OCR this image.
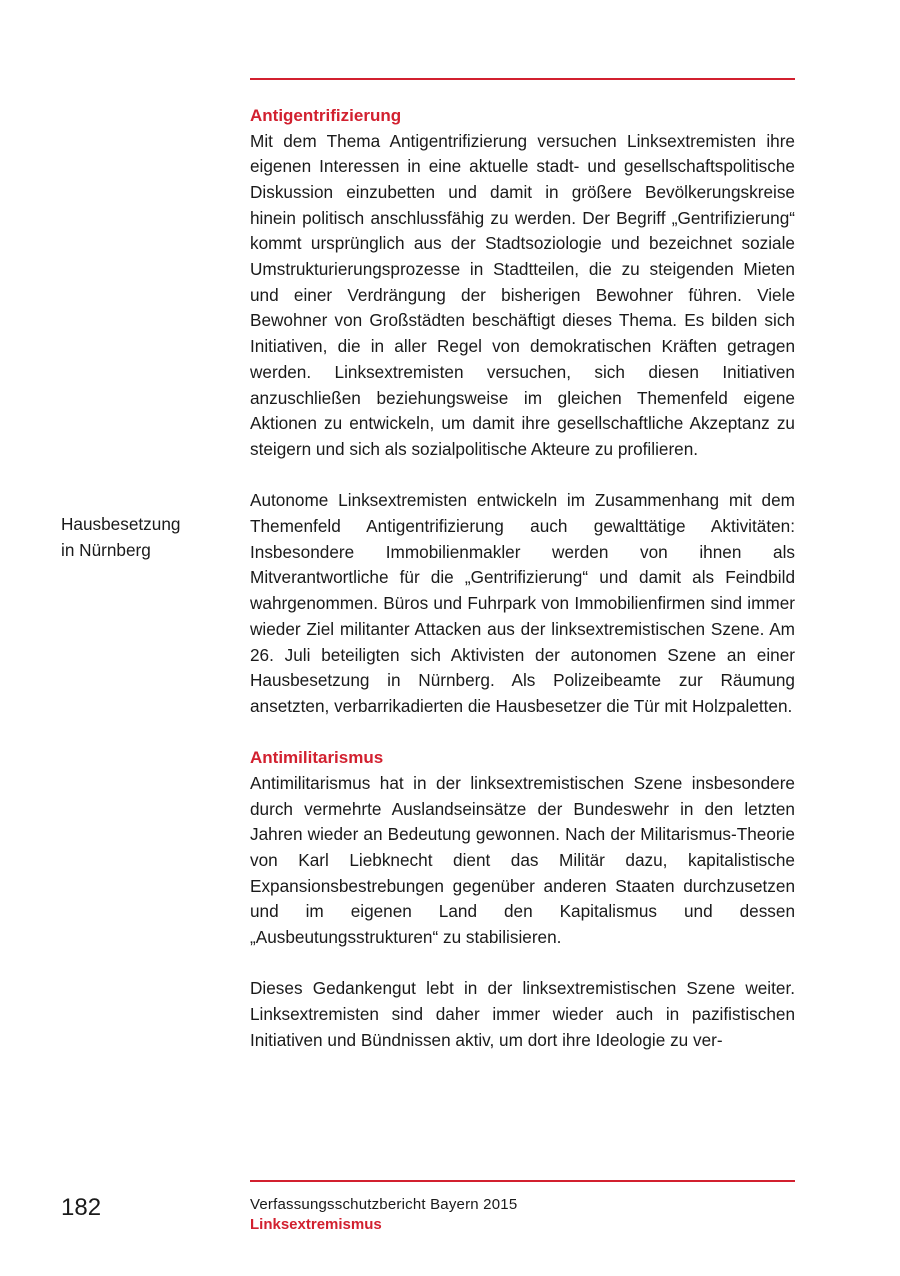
Antigentrifizierung

Mit dem Thema Antigentrifizierung versuchen Linksextremisten ihre eigenen Interessen in eine aktuelle stadt- und gesellschaftspolitische Diskussion einzubetten und damit in größere Bevölkerungskreise hinein politisch anschlussfähig zu werden. Der Begriff „Gentrifizierung“ kommt ursprünglich aus der Stadtsoziologie und bezeichnet soziale Umstrukturierungsprozesse in Stadtteilen, die zu steigenden Mieten und einer Verdrängung der bisherigen Bewohner führen. Viele Bewohner von Großstädten beschäftigt dieses Thema. Es bilden sich Initiativen, die in aller Regel von demokratischen Kräften getragen werden. Linksextremisten versuchen, sich diesen Initiativen anzuschließen beziehungsweise im gleichen Themenfeld eigene Aktionen zu entwickeln, um damit ihre gesellschaftliche Akzeptanz zu steigern und sich als sozialpolitische Akteure zu profilieren.

Autonome Linksextremisten entwickeln im Zusammenhang mit dem Themenfeld Antigentrifizierung auch gewalttätige Aktivitäten: Insbesondere Immobilienmakler werden von ihnen als Mitverantwortliche für die „Gentrifizierung“ und damit als Feindbild wahrgenommen. Büros und Fuhrpark von Immobilienfirmen sind immer wieder Ziel militanter Attacken aus der linksextremistischen Szene. Am 26. Juli beteiligten sich Aktivisten der autonomen Szene an einer Hausbesetzung in Nürnberg. Als Polizeibeamte zur Räumung ansetzten, verbarrikadierten die Hausbesetzer die Tür mit Holzpaletten.

Antimilitarismus

Antimilitarismus hat in der linksextremistischen Szene insbesondere durch vermehrte Auslandseinsätze der Bundeswehr in den letzten Jahren wieder an Bedeutung gewonnen. Nach der Militarismus-Theorie von Karl Liebknecht dient das Militär dazu, kapitalistische Expansionsbestrebungen gegenüber anderen Staaten durchzusetzen und im eigenen Land den Kapitalismus und dessen „Ausbeutungsstrukturen“ zu stabilisieren.

Dieses Gedankengut lebt in der linksextremistischen Szene weiter. Linksextremisten sind daher immer wieder auch in pazifistischen Initiativen und Bündnissen aktiv, um dort ihre Ideologie zu ver-

Hausbesetzung
in Nürnberg
182	Verfassungsschutzbericht Bayern 2015
Linksextremismus
